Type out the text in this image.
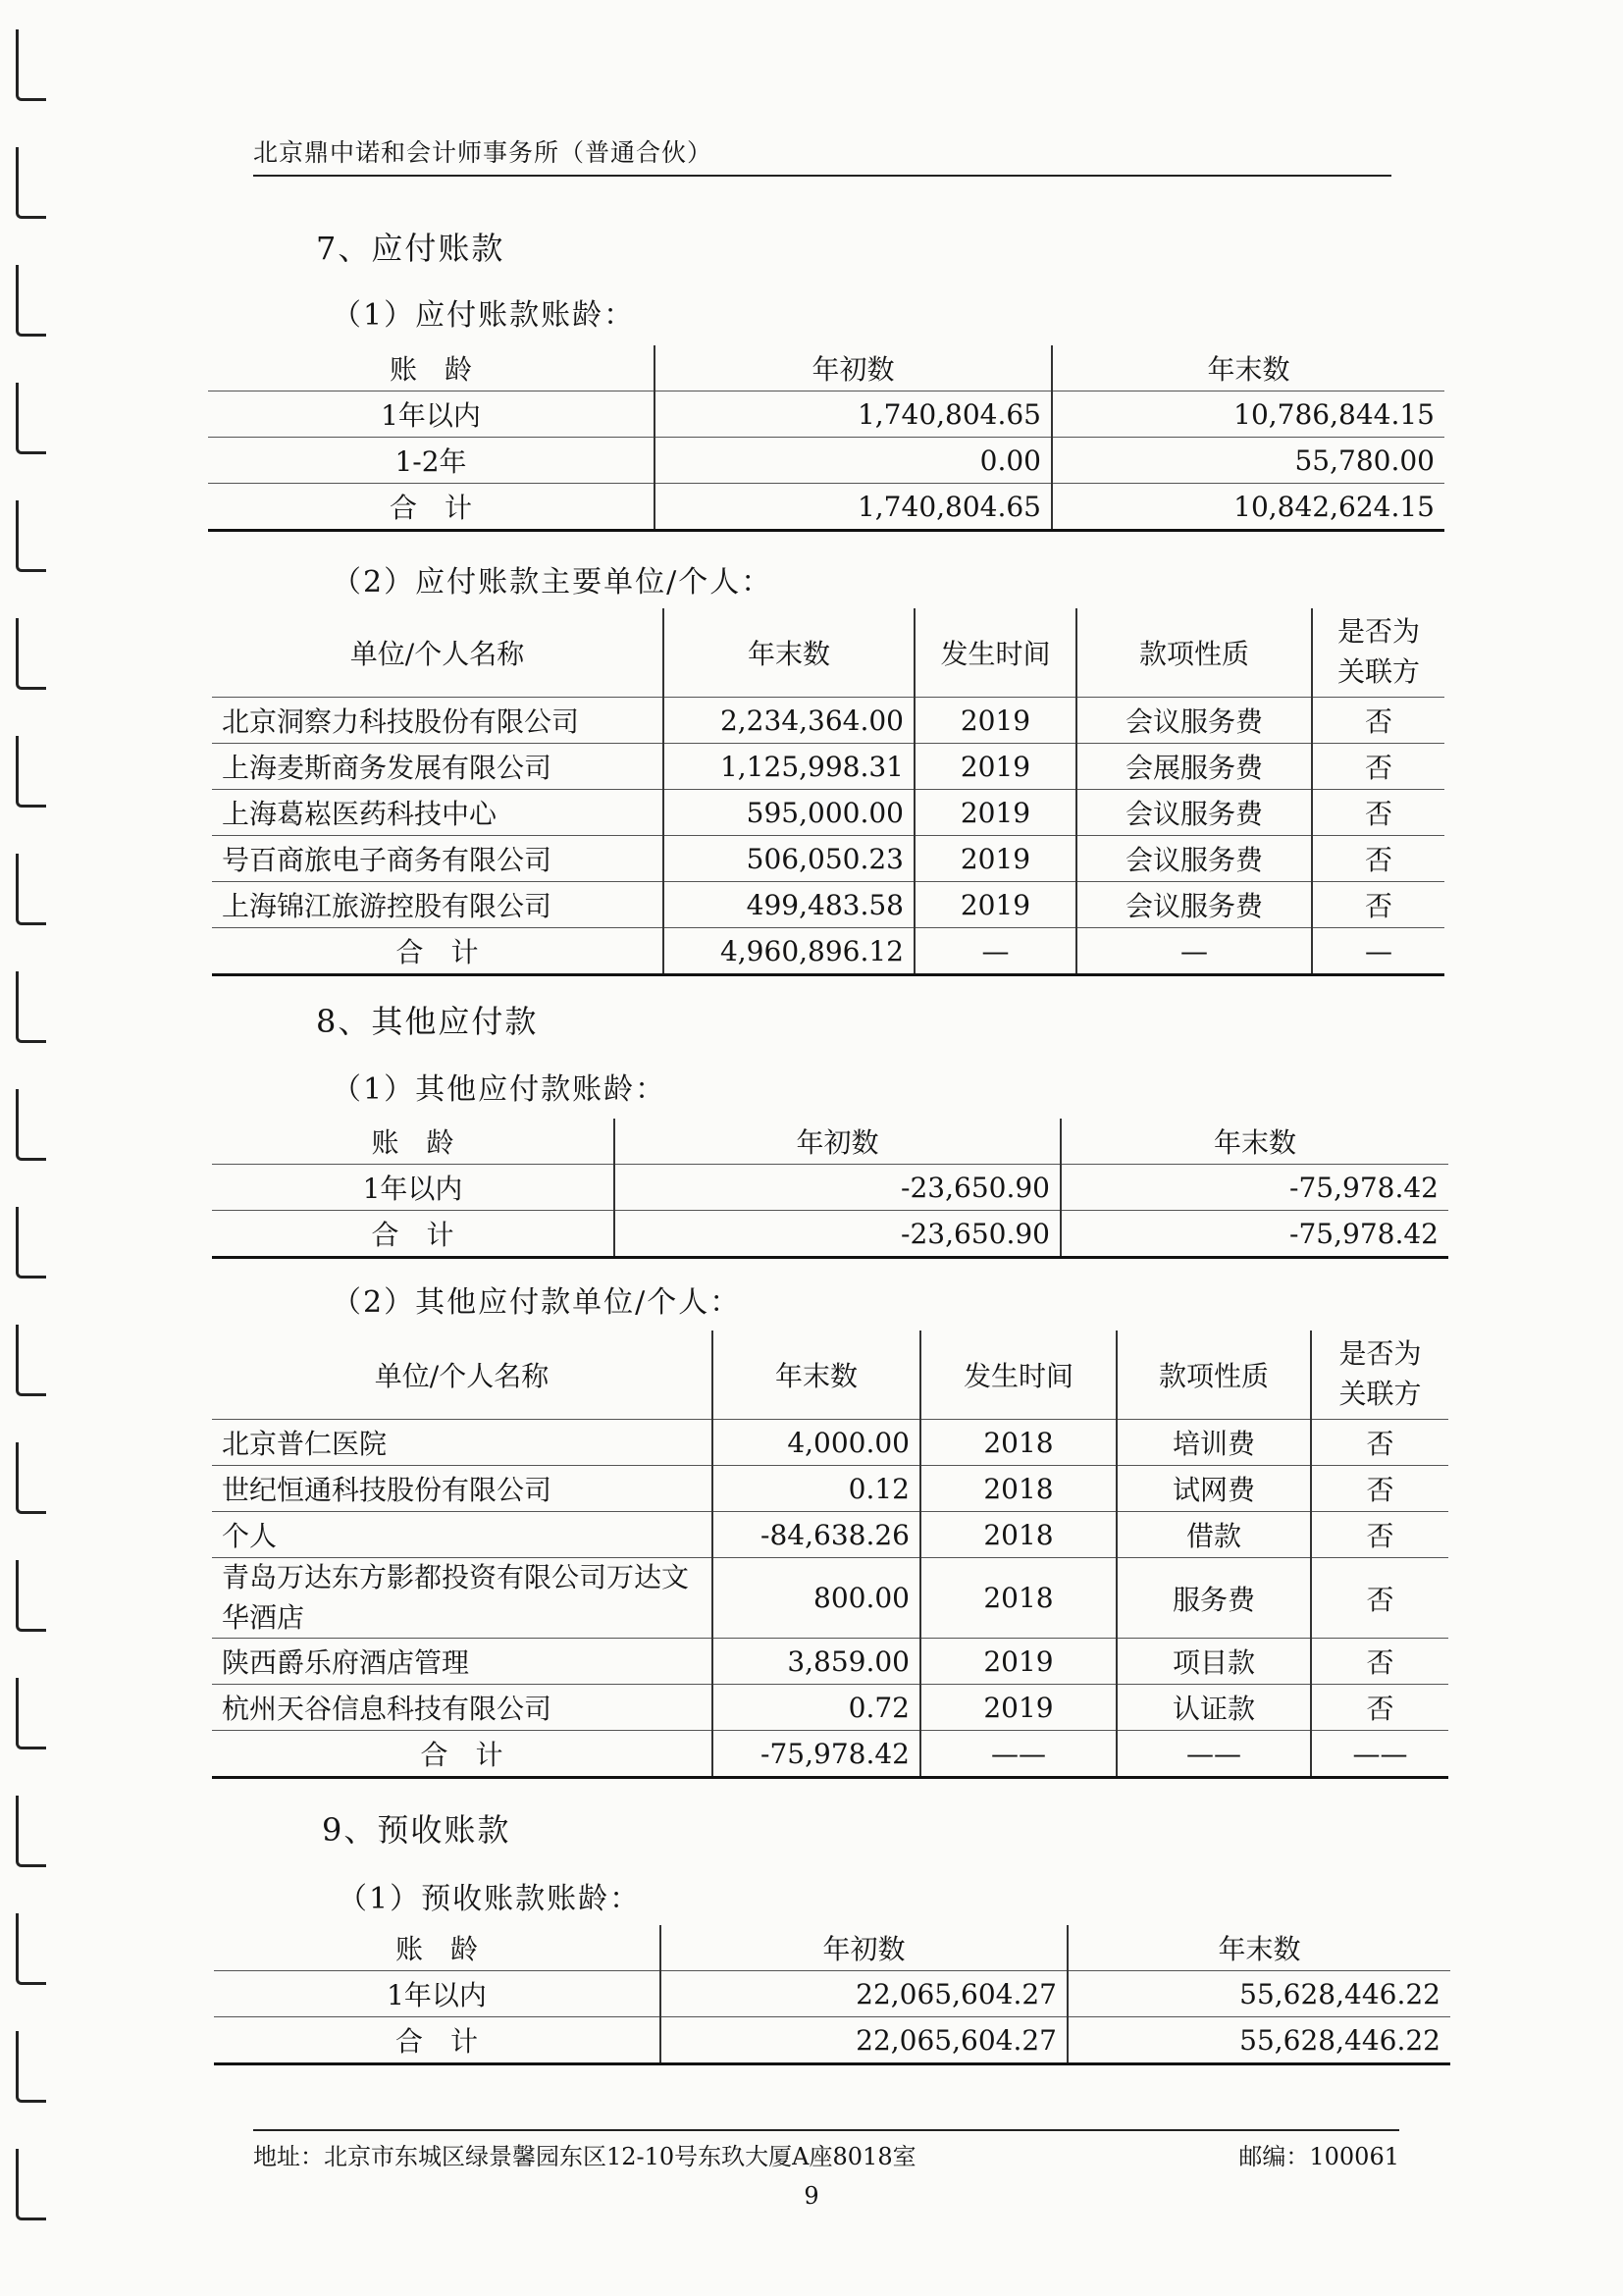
北京鼎中诺和会计师事务所（普通合伙）
7、应付账款
（1）应付账款账龄：
账　龄	年初数	年末数
1年以内	1,740,804.65	10,786,844.15
1-2年	0.00	55,780.00
合　计	1,740,804.65	10,842,624.15
（2）应付账款主要单位/个人：
单位/个人名称	年末数	发生时间	款项性质	是否为关联方
北京洞察力科技股份有限公司	2,234,364.00	2019	会议服务费	否
上海麦斯商务发展有限公司	1,125,998.31	2019	会展服务费	否
上海葛崧医药科技中心	595,000.00	2019	会议服务费	否
号百商旅电子商务有限公司	506,050.23	2019	会议服务费	否
上海锦江旅游控股有限公司	499,483.58	2019	会议服务费	否
合　计	4,960,896.12	—	—	—
8、其他应付款
（1）其他应付款账龄：
账　龄	年初数	年末数
1年以内	-23,650.90	-75,978.42
合　计	-23,650.90	-75,978.42
（2）其他应付款单位/个人：
单位/个人名称	年末数	发生时间	款项性质	是否为关联方
北京普仁医院	4,000.00	2018	培训费	否
世纪恒通科技股份有限公司	0.12	2018	试网费	否
个人	-84,638.26	2018	借款	否
青岛万达东方影都投资有限公司万达文华酒店	800.00	2018	服务费	否
陕西爵乐府酒店管理	3,859.00	2019	项目款	否
杭州天谷信息科技有限公司	0.72	2019	认证款	否
合　计	-75,978.42	——	——	——
9、预收账款
（1）预收账款账龄：
账　龄	年初数	年末数
1年以内	22,065,604.27	55,628,446.22
合　计	22,065,604.27	55,628,446.22
地址：北京市东城区绿景馨园东区12-10号东玖大厦A座8018室	邮编：100061
9
